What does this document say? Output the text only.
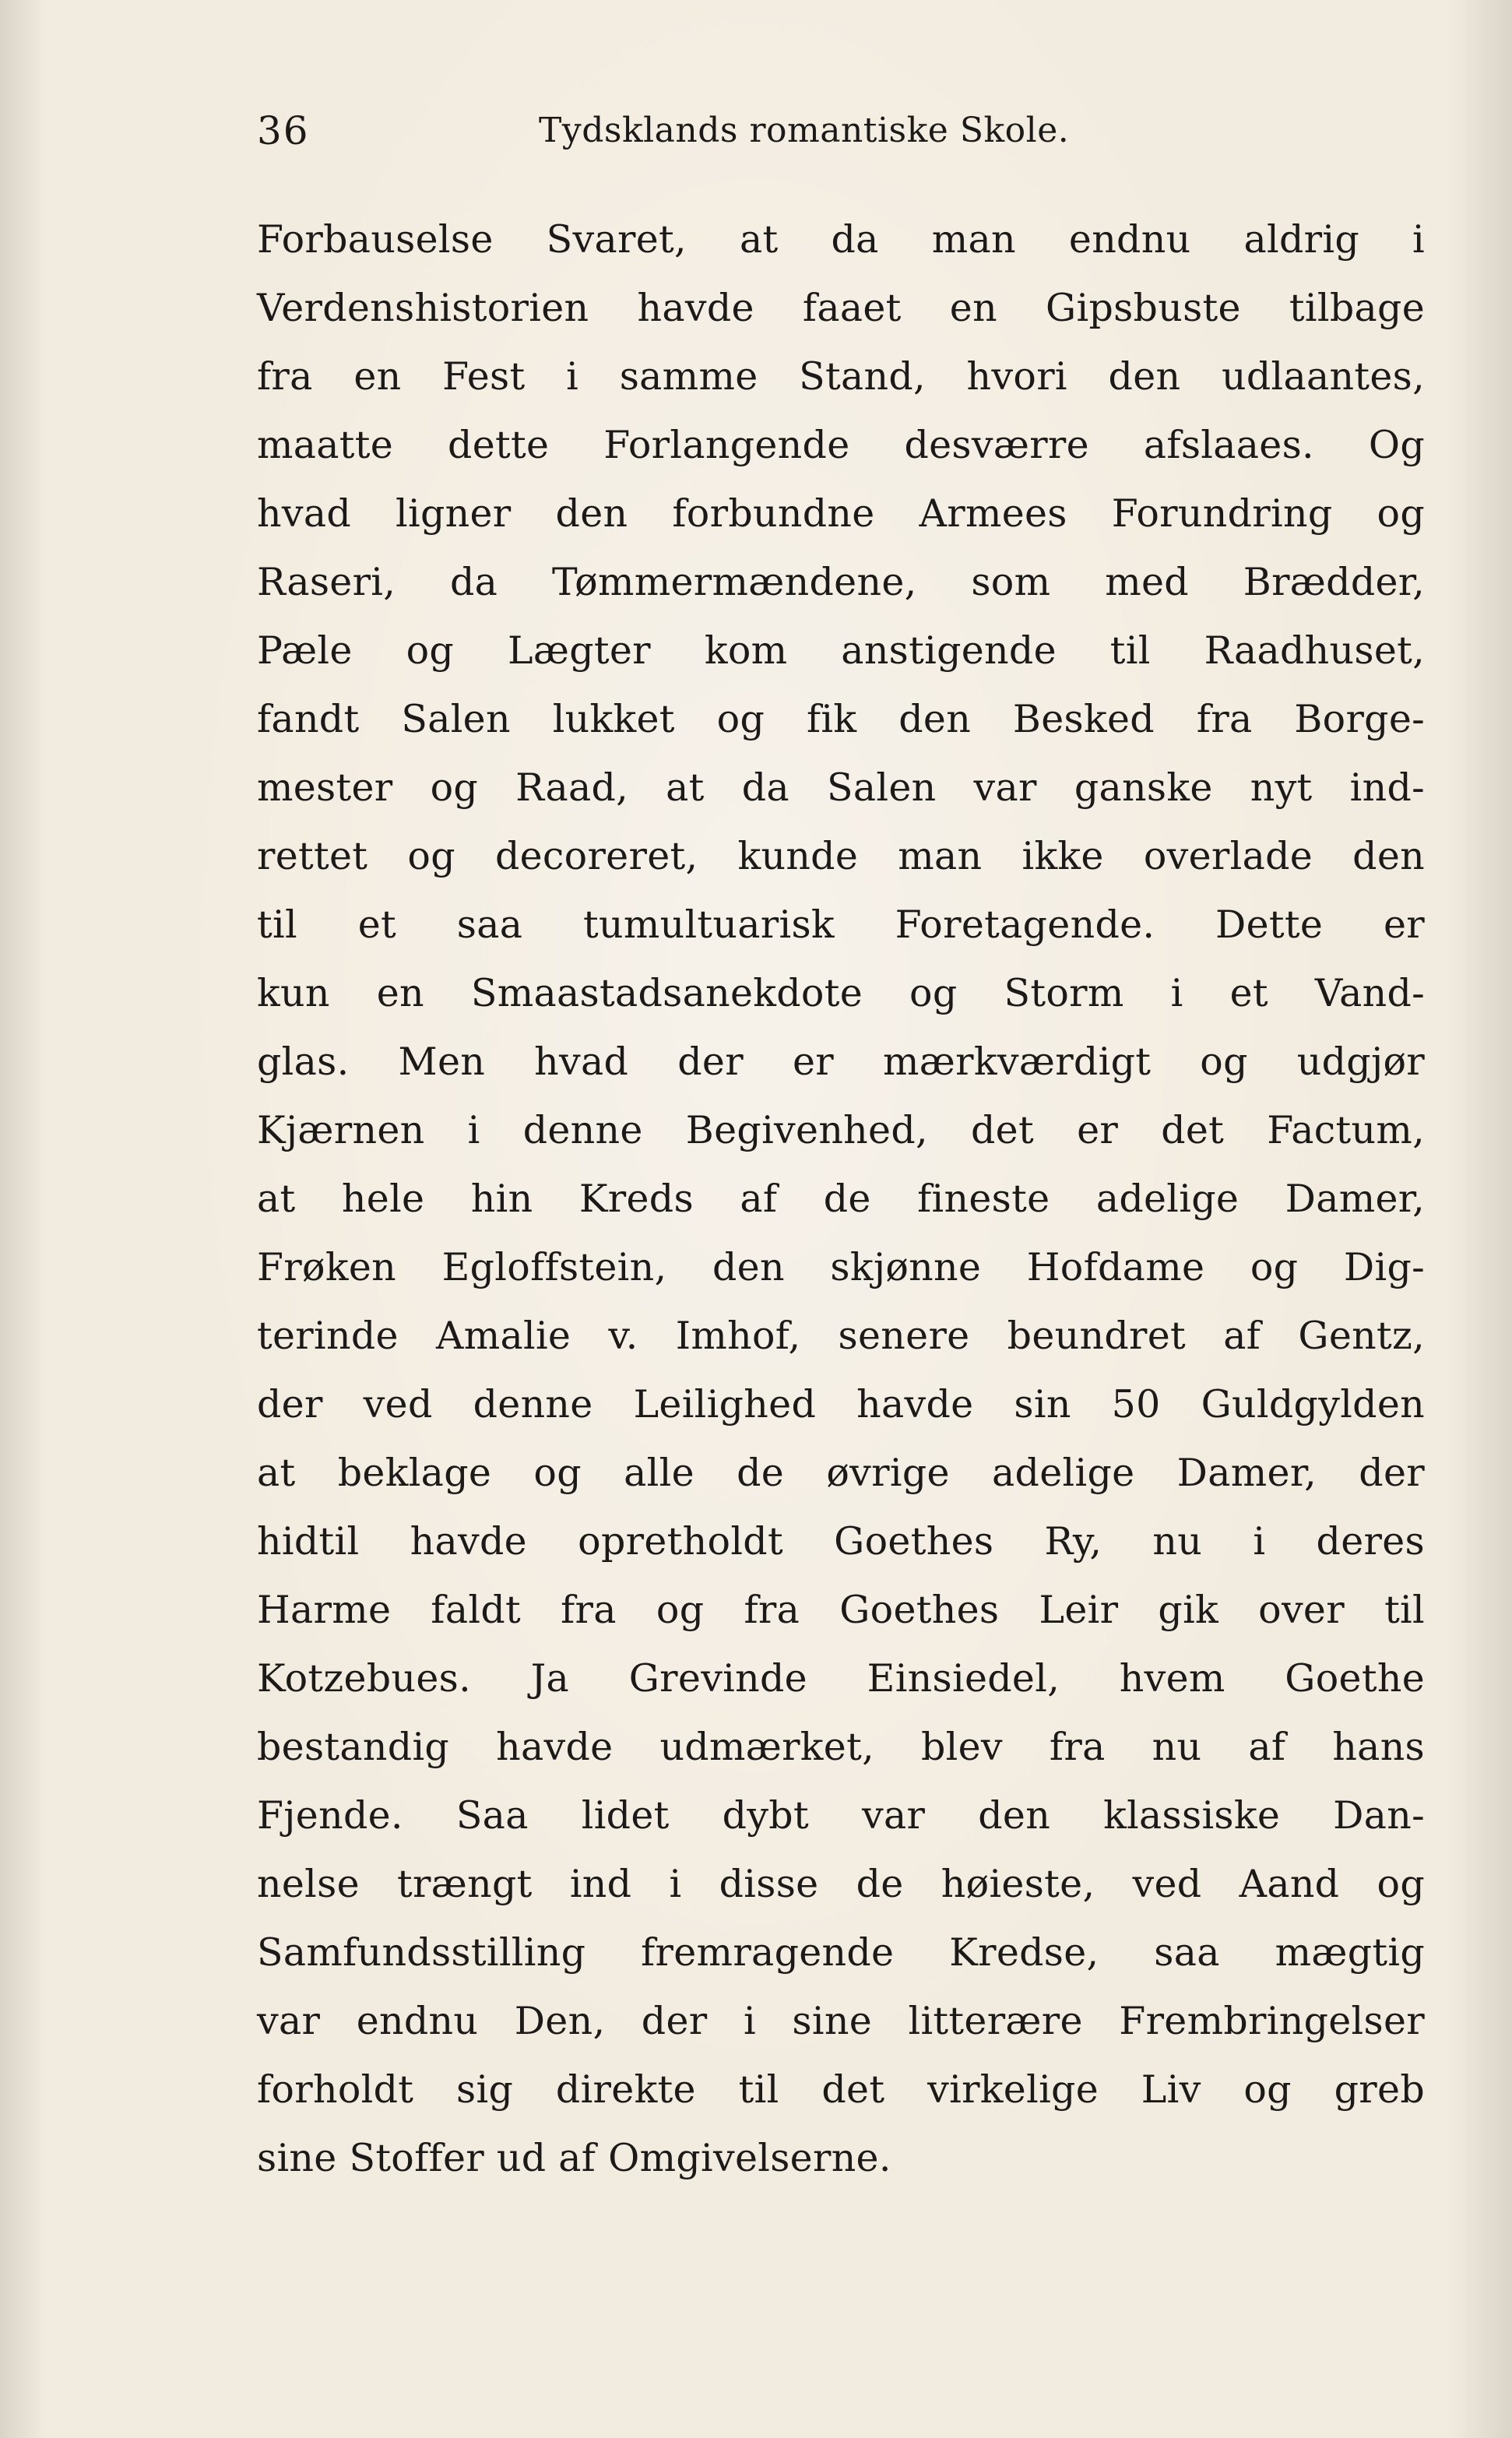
36	Tydsklands romantiske Skole.
Forbauselse Svaret, at da man endnu aldrig i
Verdenshistorien havde faaet en Gipsbuste tilbage
fra en Fest i samme Stand, hvori den udlaantes,
maatte dette Forlangende desværre afslaaes. Og
hvad ligner den forbundne Armees Forundring og
Raseri, da Tømmermændene, som med Brædder,
Pæle og Lægter kom anstigende til Raadhuset,
fandt Salen lukket og fik den Besked fra Borge-
mester og Raad, at da Salen var ganske nyt ind-
rettet og decoreret, kunde man ikke overlade den
til et saa tumultuarisk Foretagende. Dette er
kun en Smaastadsanekdote og Storm i et Vand-
glas. Men hvad der er mærkværdigt og udgjør
Kjærnen i denne Begivenhed, det er det Factum,
at hele hin Kreds af de fineste adelige Damer,
Frøken Egloffstein, den skjønne Hofdame og Dig-
terinde Amalie v. Imhof, senere beundret af Gentz,
der ved denne Leilighed havde sin 50 Guldgylden
at beklage og alle de øvrige adelige Damer, der
hidtil havde opretholdt Goethes Ry, nu i deres
Harme faldt fra og fra Goethes Leir gik over til
Kotzebues. Ja Grevinde Einsiedel, hvem Goethe
bestandig havde udmærket, blev fra nu af hans
Fjende. Saa lidet dybt var den klassiske Dan-
nelse trængt ind i disse de høieste, ved Aand og
Samfundsstilling fremragende Kredse, saa mægtig
var endnu Den, der i sine litterære Frembringelser
forholdt sig direkte til det virkelige Liv og greb
sine Stoffer ud af Omgivelserne.
